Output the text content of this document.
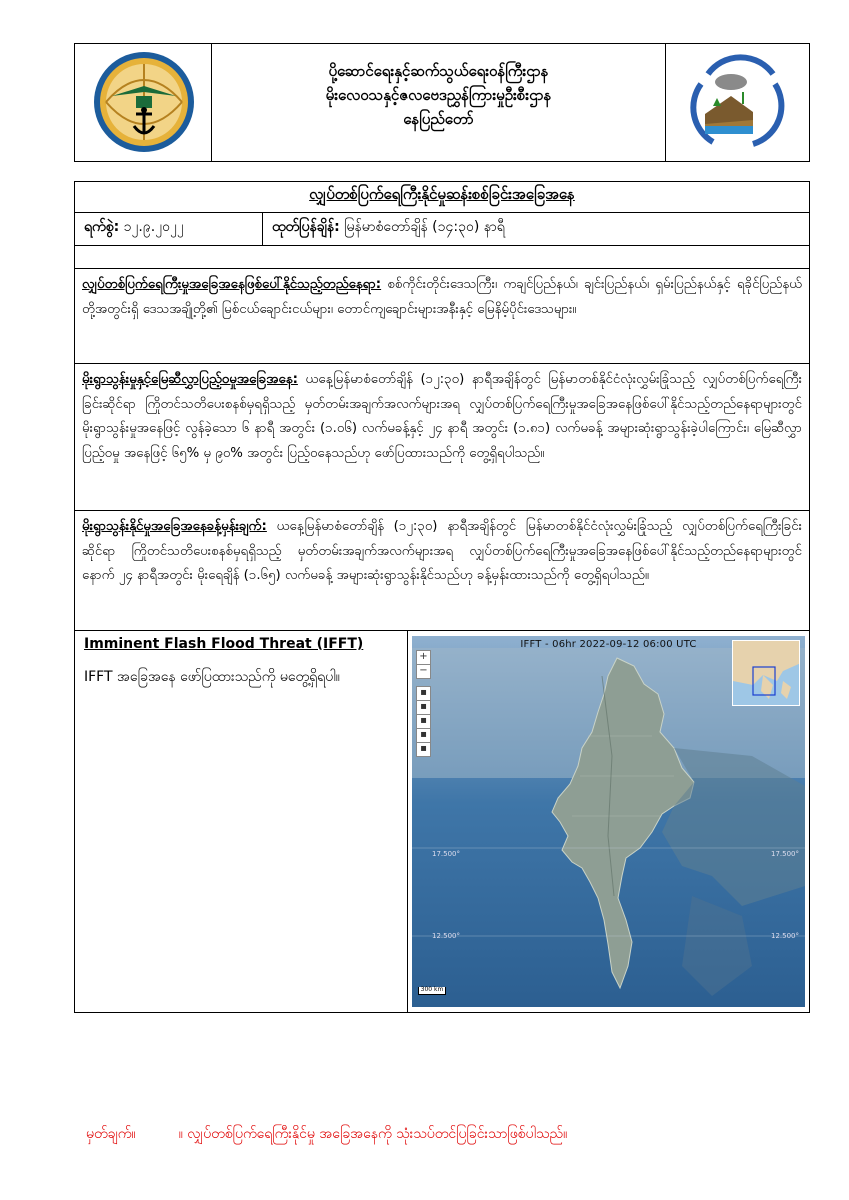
ပို့ဆောင်ရေးနှင့်ဆက်သွယ်ရေးဝန်ကြီးဌာန
မိုးလေဝသနှင့်ဇလဗေဒညွှန်ကြားမှုဦးစီးဌာန
နေပြည်တော်
လျှပ်တစ်ပြက်ရေကြီးနိုင်မှုဆန်းစစ်ခြင်းအခြေအနေ
ရက်စွဲ: ၁၂.၉.၂၀၂၂	ထုတ်ပြန်ချိန်: မြန်မာစံတော်ချိန် (၁၄:၃၀) နာရီ
လျှပ်တစ်ပြက်ရေကြီးမှုအခြေအနေဖြစ်ပေါ်နိုင်သည့်တည်နေရာ: စစ်ကိုင်းတိုင်းဒေသကြီး၊ ကချင်ပြည်နယ်၊ ချင်းပြည်နယ်၊ ရှမ်းပြည်နယ်နှင့် ရခိုင်ပြည်နယ် တို့အတွင်းရှိ ဒေသအချို့တို့၏ မြစ်ငယ်ချောင်းငယ်များ၊ တောင်ကျချောင်းများအနီးနှင့် မြေနိမ့်ပိုင်းဒေသများ။
မိုးရွာသွန်းမှုနှင့်မြေဆီလွှာပြည့်ဝမှုအခြေအနေ: ယနေ့မြန်မာစံတော်ချိန် (၁၂:၃၀) နာရီအချိန်တွင် မြန်မာတစ်နိုင်ငံလုံးလွှမ်းခြုံသည့် လျှပ်တစ်ပြက်ရေကြီးခြင်းဆိုင်ရာ ကြိုတင်သတိပေးစနစ်မှရရှိသည့် မှတ်တမ်းအချက်အလက်များအရ လျှပ်တစ်ပြက်ရေကြီးမှုအခြေအနေဖြစ်ပေါ်နိုင်သည့်တည်နေရာများတွင် မိုးရွာသွန်းမှုအနေဖြင့် လွန်ခဲ့သော ၆ နာရီ အတွင်း (၁.၀၆) လက်မခန့်နှင့် ၂၄ နာရီ အတွင်း (၁.၈၁) လက်မခန့် အများဆုံးရွာသွန်းခဲ့ပါကြောင်း၊ မြေဆီလွှာပြည့်ဝမှု အနေဖြင့် ၆၅% မှ ၉၀% အတွင်း ပြည့်ဝနေသည်ဟု ဖော်ပြထားသည်ကို တွေ့ရှိရပါသည်။
မိုးရွာသွန်းနိုင်မှုအခြေအနေခန့်မှန်းချက်: ယနေ့မြန်မာစံတော်ချိန် (၁၂:၃၀) နာရီအချိန်တွင် မြန်မာတစ်နိုင်ငံလုံးလွှမ်းခြုံသည့် လျှပ်တစ်ပြက်ရေကြီးခြင်းဆိုင်ရာ ကြိုတင်သတိပေးစနစ်မှရရှိသည့် မှတ်တမ်းအချက်အလက်များအရ လျှပ်တစ်ပြက်ရေကြီးမှုအခြေအနေဖြစ်ပေါ်နိုင်သည့်တည်နေရာများတွင် နောက် ၂၄ နာရီအတွင်း မိုးရေချိန် (၁.၆၅) လက်မခန့် အများဆုံးရွာသွန်းနိုင်သည်ဟု ခန့်မှန်းထားသည်ကို တွေ့ရှိရပါသည်။
Imminent Flash Flood Threat (IFFT)
IFFT အခြေအနေ ဖော်ပြထားသည်ကို မတွေ့ရှိရပါ။
IFFT - 06hr 2022-09-12 06:00 UTC
+
−
▪
▪
▪
▪
▪
17.500°	17.500°
12.500°	12.500°
300 km
မှတ်ချက်။	။ လျှပ်တစ်ပြက်ရေကြီးနိုင်မှု အခြေအနေကို သုံးသပ်တင်ပြခြင်းသာဖြစ်ပါသည်။
